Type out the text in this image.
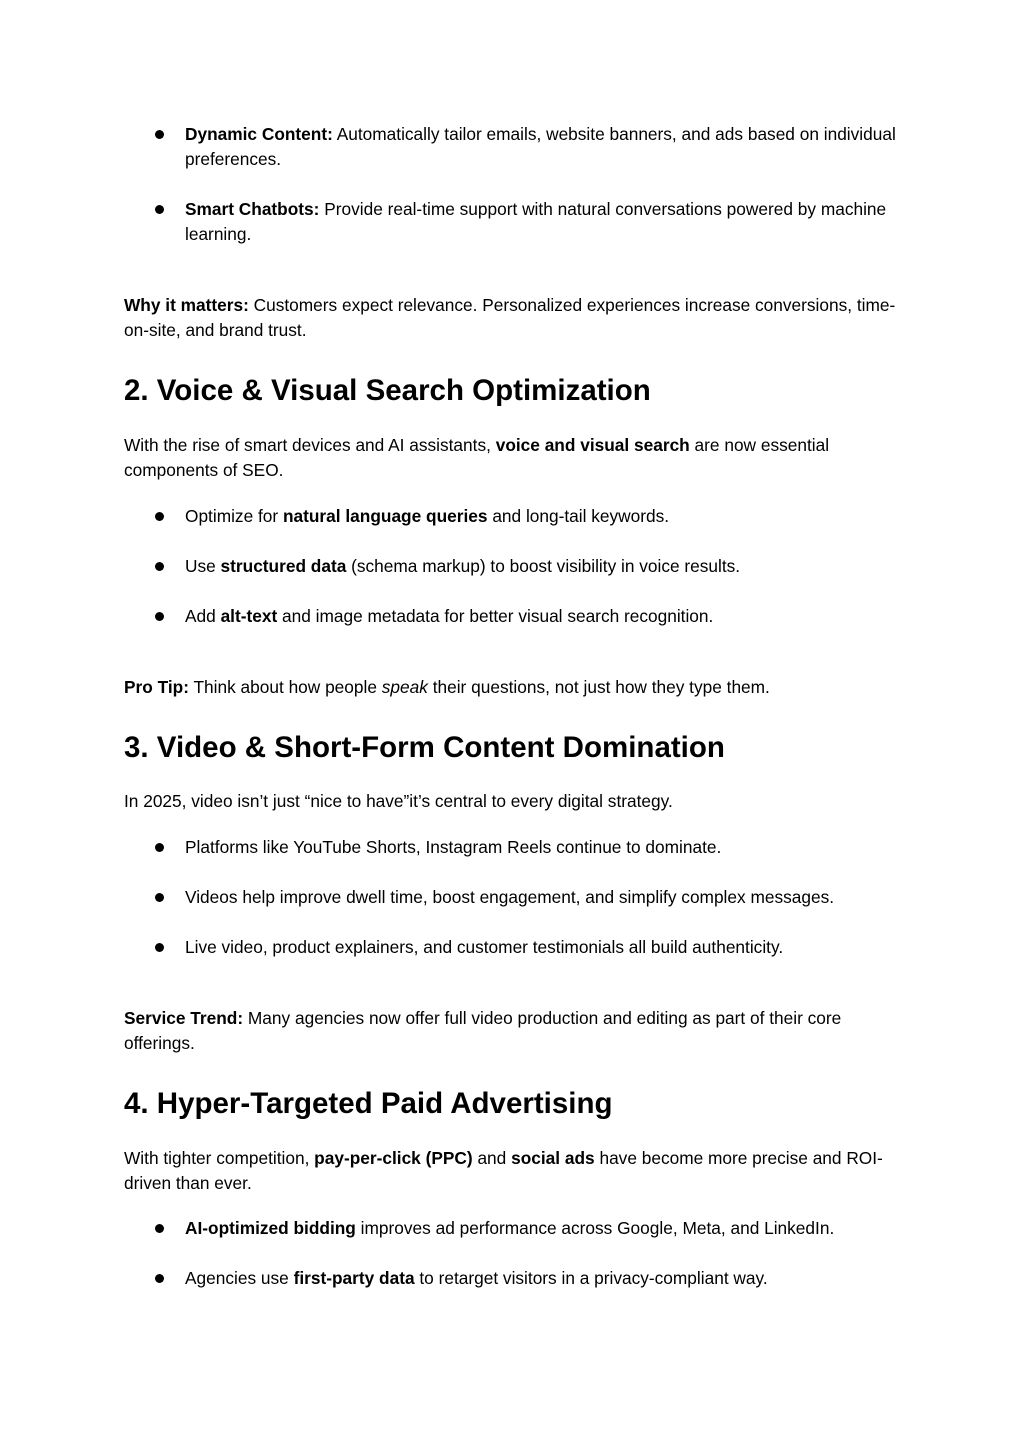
Dynamic Content: Automatically tailor emails, website banners, and ads based on individual preferences.
Smart Chatbots: Provide real-time support with natural conversations powered by machine learning.

Why it matters: Customers expect relevance. Personalized experiences increase conversions, time-on-site, and brand trust.

2. Voice & Visual Search Optimization

With the rise of smart devices and AI assistants, voice and visual search are now essential components of SEO.

Optimize for natural language queries and long-tail keywords.
Use structured data (schema markup) to boost visibility in voice results.
Add alt-text and image metadata for better visual search recognition.

Pro Tip: Think about how people speak their questions, not just how they type them.

3. Video & Short-Form Content Domination

In 2025, video isn’t just “nice to have”it’s central to every digital strategy.

Platforms like YouTube Shorts, Instagram Reels continue to dominate.
Videos help improve dwell time, boost engagement, and simplify complex messages.
Live video, product explainers, and customer testimonials all build authenticity.

Service Trend: Many agencies now offer full video production and editing as part of their core offerings.

4. Hyper-Targeted Paid Advertising

With tighter competition, pay-per-click (PPC) and social ads have become more precise and ROI-driven than ever.

AI-optimized bidding improves ad performance across Google, Meta, and LinkedIn.
Agencies use first-party data to retarget visitors in a privacy-compliant way.
